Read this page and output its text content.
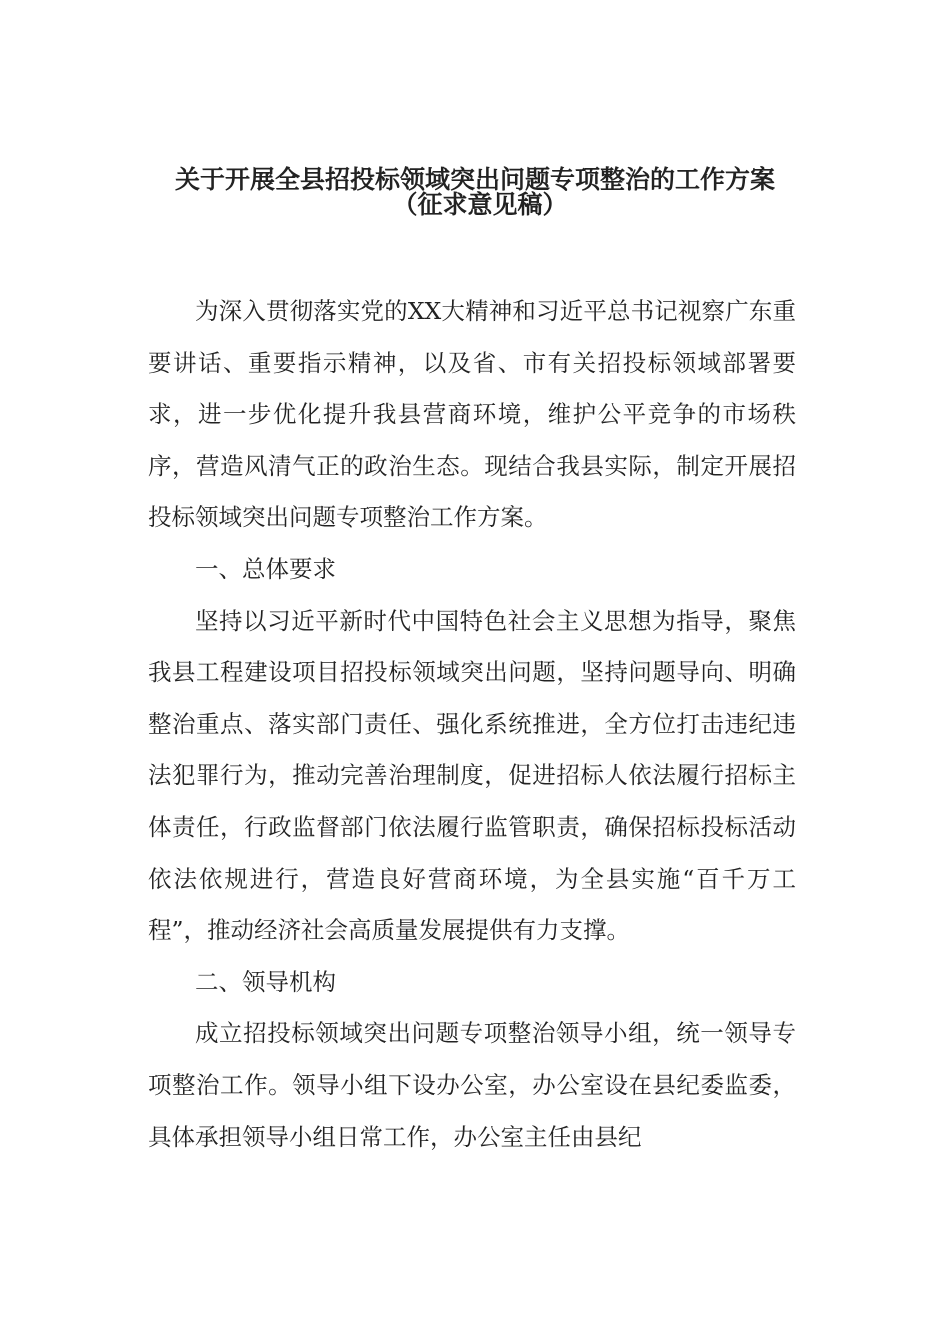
关于开展全县招投标领域突出问题专项整治的工作方案
（征求意见稿）

为深入贯彻落实党的XX大精神和习近平总书记视察广东重要讲话、重要指示精神，以及省、市有关招投标领域部署要求，进一步优化提升我县营商环境，维护公平竞争的市场秩序，营造风清气正的政治生态。现结合我县实际，制定开展招投标领域突出问题专项整治工作方案。

一、总体要求

坚持以习近平新时代中国特色社会主义思想为指导，聚焦我县工程建设项目招投标领域突出问题，坚持问题导向、明确整治重点、落实部门责任、强化系统推进，全方位打击违纪违法犯罪行为，推动完善治理制度，促进招标人依法履行招标主体责任，行政监督部门依法履行监管职责，确保招标投标活动依法依规进行，营造良好营商环境，为全县实施“百千万工程”，推动经济社会高质量发展提供有力支撑。

二、领导机构

成立招投标领域突出问题专项整治领导小组，统一领导专项整治工作。领导小组下设办公室，办公室设在县纪委监委，具体承担领导小组日常工作，办公室主任由县纪
